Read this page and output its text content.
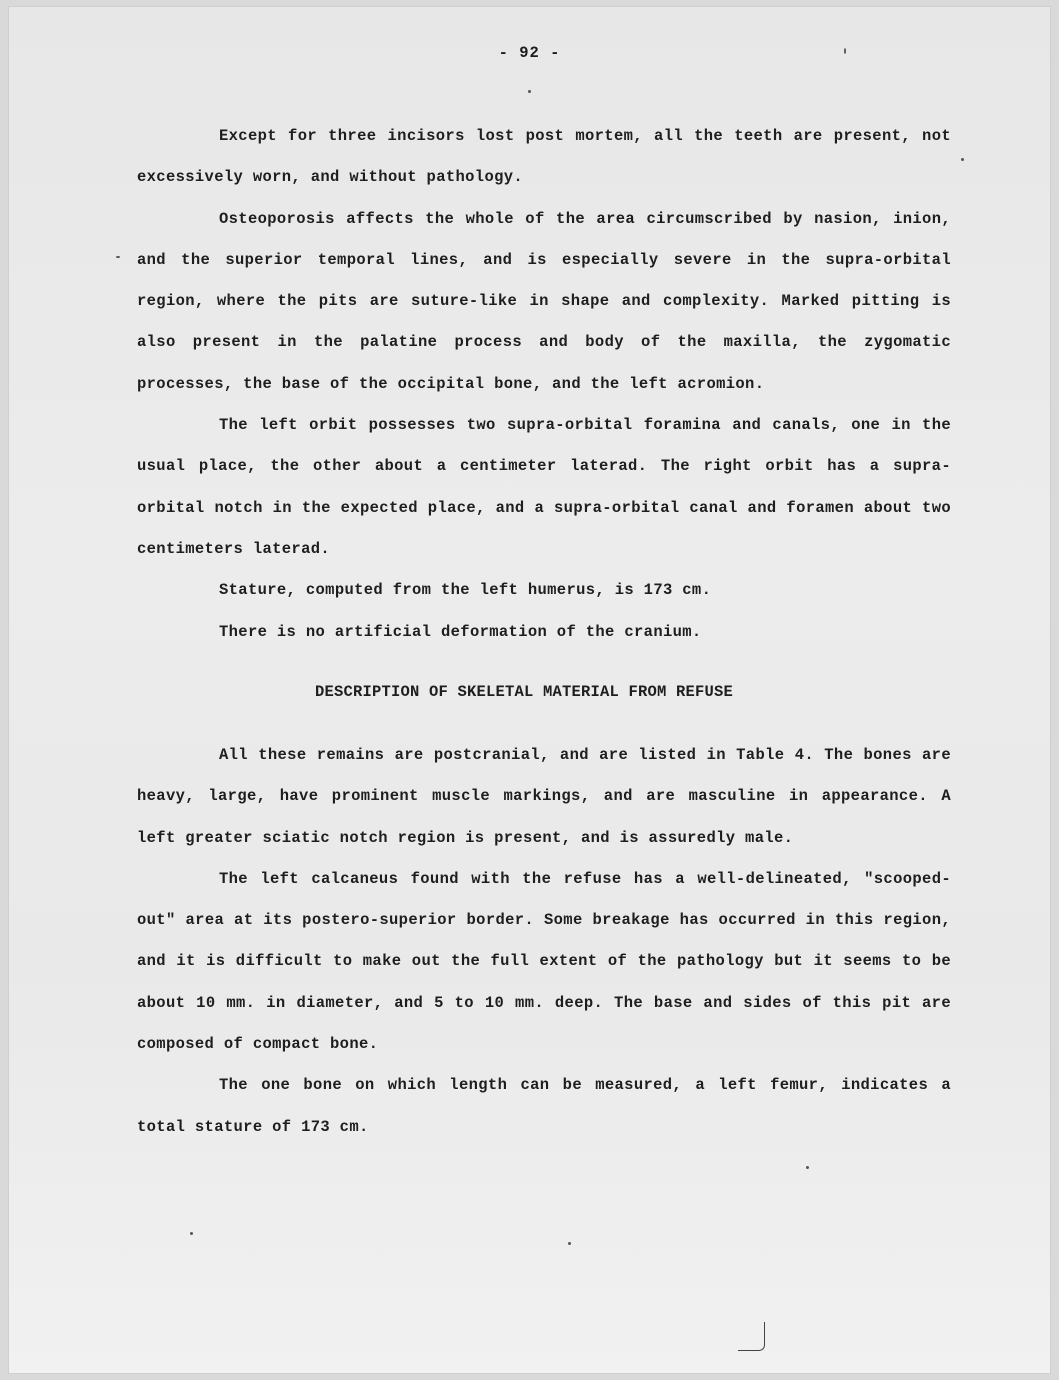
- 92 -

Except for three incisors lost post mortem, all the teeth are present, not excessively worn, and without pathology.

Osteoporosis affects the whole of the area circumscribed by nasion, inion, and the superior temporal lines, and is especially severe in the supra-orbital region, where the pits are suture-like in shape and complexity. Marked pitting is also present in the palatine process and body of the maxilla, the zygomatic processes, the base of the occipital bone, and the left acromion.

The left orbit possesses two supra-orbital foramina and canals, one in the usual place, the other about a centimeter laterad. The right orbit has a supra-orbital notch in the expected place, and a supra-orbital canal and foramen about two centimeters laterad.

Stature, computed from the left humerus, is 173 cm.

There is no artificial deformation of the cranium.

DESCRIPTION OF SKELETAL MATERIAL FROM REFUSE

All these remains are postcranial, and are listed in Table 4. The bones are heavy, large, have prominent muscle markings, and are masculine in appearance. A left greater sciatic notch region is present, and is assuredly male.

The left calcaneus found with the refuse has a well-delineated, "scooped-out" area at its postero-superior border. Some breakage has occurred in this region, and it is difficult to make out the full extent of the pathology but it seems to be about 10 mm. in diameter, and 5 to 10 mm. deep. The base and sides of this pit are composed of compact bone.

The one bone on which length can be measured, a left femur, indicates a total stature of 173 cm.
